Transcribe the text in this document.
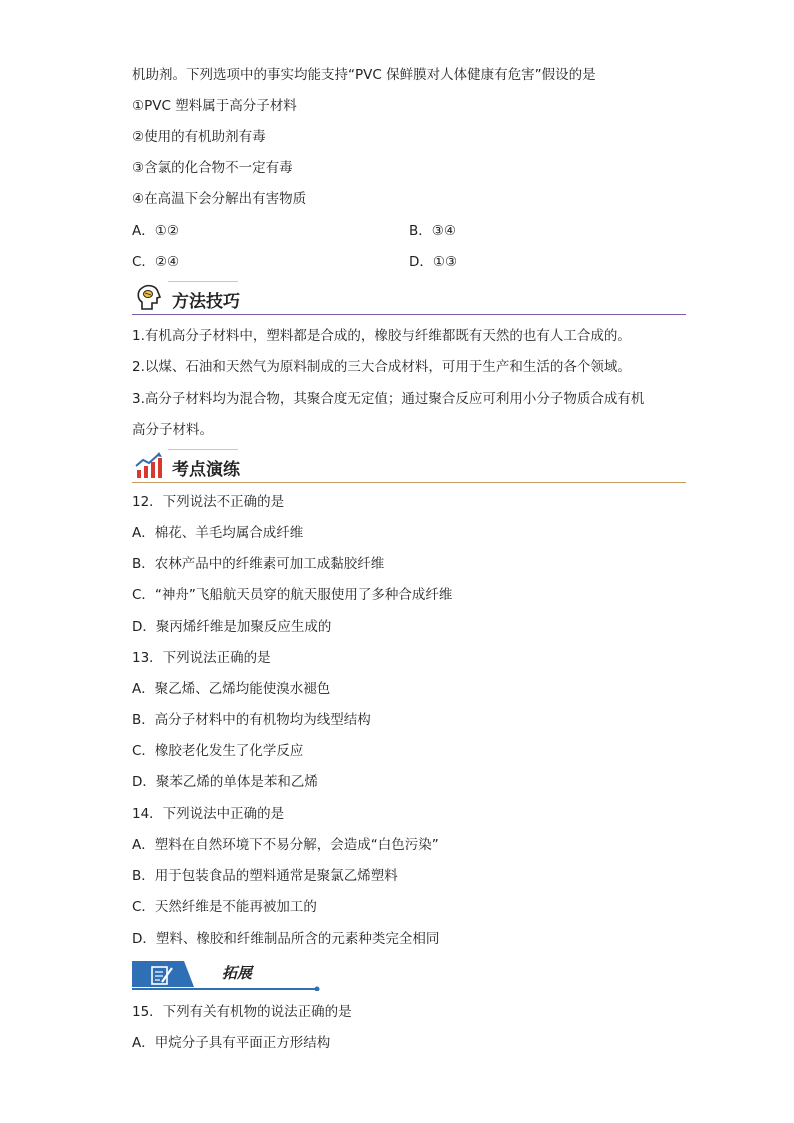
机助剂。下列选项中的事实均能支持“PVC 保鲜膜对人体健康有危害”假设的是
①PVC 塑料属于高分子材料
②使用的有机助剂有毒
③含氯的化合物不一定有毒
④在高温下会分解出有害物质
A．①②	B．③④
C．②④	D．①③
方法技巧
1.有机高分子材料中，塑料都是合成的，橡胶与纤维都既有天然的也有人工合成的。
2.以煤、石油和天然气为原料制成的三大合成材料，可用于生产和生活的各个领域。
3.高分子材料均为混合物，其聚合度无定值；通过聚合反应可利用小分子物质合成有机
高分子材料。
考点演练
12．下列说法不正确的是
A．棉花、羊毛均属合成纤维
B．农林产品中的纤维素可加工成黏胶纤维
C．“神舟”飞船航天员穿的航天服使用了多种合成纤维
D．聚丙烯纤维是加聚反应生成的
13．下列说法正确的是
A．聚乙烯、乙烯均能使溴水褪色
B．高分子材料中的有机物均为线型结构
C．橡胶老化发生了化学反应
D．聚苯乙烯的单体是苯和乙烯
14．下列说法中正确的是
A．塑料在自然环境下不易分解，会造成“白色污染”
B．用于包装食品的塑料通常是聚氯乙烯塑料
C．天然纤维是不能再被加工的
D．塑料、橡胶和纤维制品所含的元素种类完全相同
拓展
15．下列有关有机物的说法正确的是
A．甲烷分子具有平面正方形结构
